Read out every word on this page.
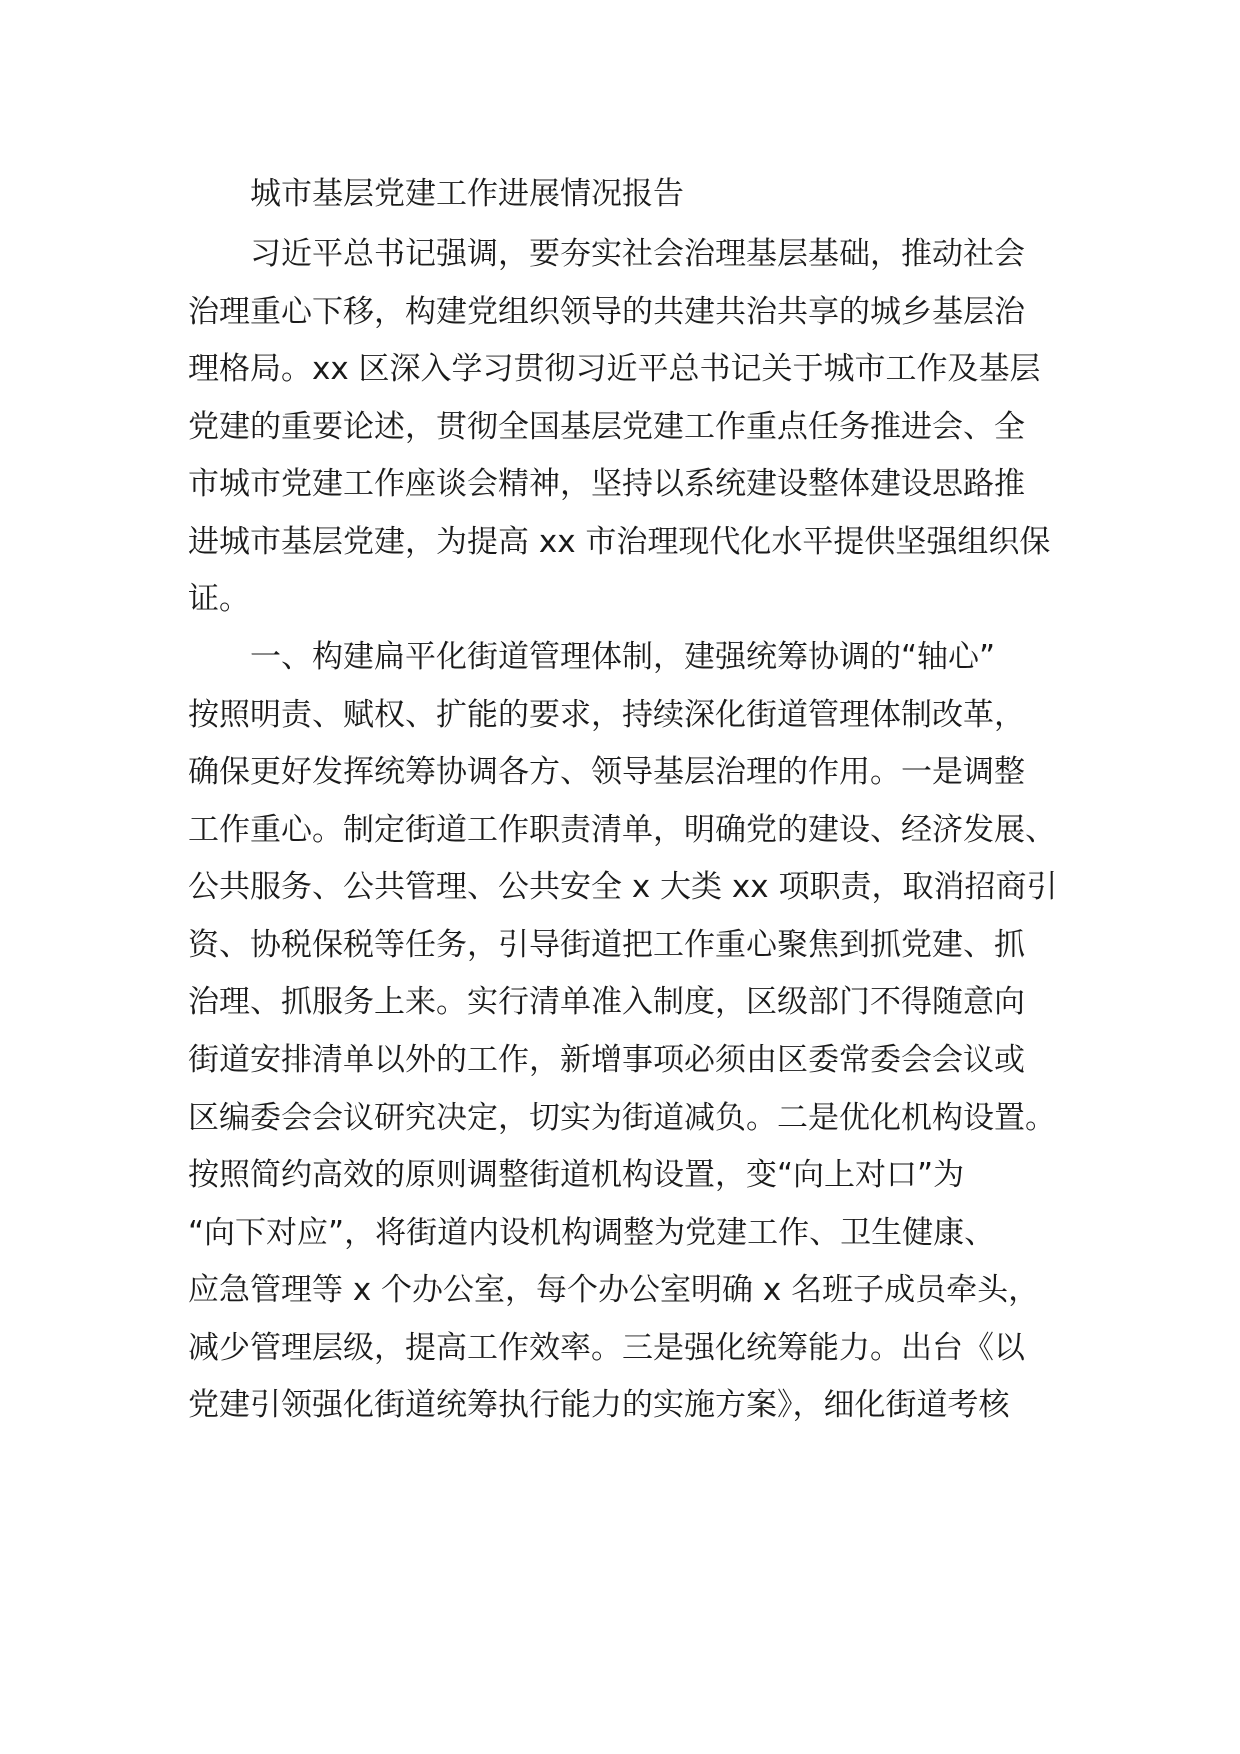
城市基层党建工作进展情况报告

习近平总书记强调，要夯实社会治理基层基础，推动社会

治理重心下移，构建党组织领导的共建共治共享的城乡基层治

理格局。xx 区深入学习贯彻习近平总书记关于城市工作及基层

党建的重要论述，贯彻全国基层党建工作重点任务推进会、全

市城市党建工作座谈会精神，坚持以系统建设整体建设思路推

进城市基层党建，为提高 xx 市治理现代化水平提供坚强组织保

证。

一、构建扁平化街道管理体制，建强统筹协调的“轴心”

按照明责、赋权、扩能的要求，持续深化街道管理体制改革，

确保更好发挥统筹协调各方、领导基层治理的作用。一是调整

工作重心。制定街道工作职责清单，明确党的建设、经济发展、

公共服务、公共管理、公共安全 x 大类 xx 项职责，取消招商引

资、协税保税等任务，引导街道把工作重心聚焦到抓党建、抓

治理、抓服务上来。实行清单准入制度，区级部门不得随意向

街道安排清单以外的工作，新增事项必须由区委常委会会议或

区编委会会议研究决定，切实为街道减负。二是优化机构设置。

按照简约高效的原则调整街道机构设置，变“向上对口”为

“向下对应”，将街道内设机构调整为党建工作、卫生健康、

应急管理等 x 个办公室，每个办公室明确 x 名班子成员牵头，

减少管理层级，提高工作效率。三是强化统筹能力。出台《以

党建引领强化街道统筹执行能力的实施方案》，细化街道考核
